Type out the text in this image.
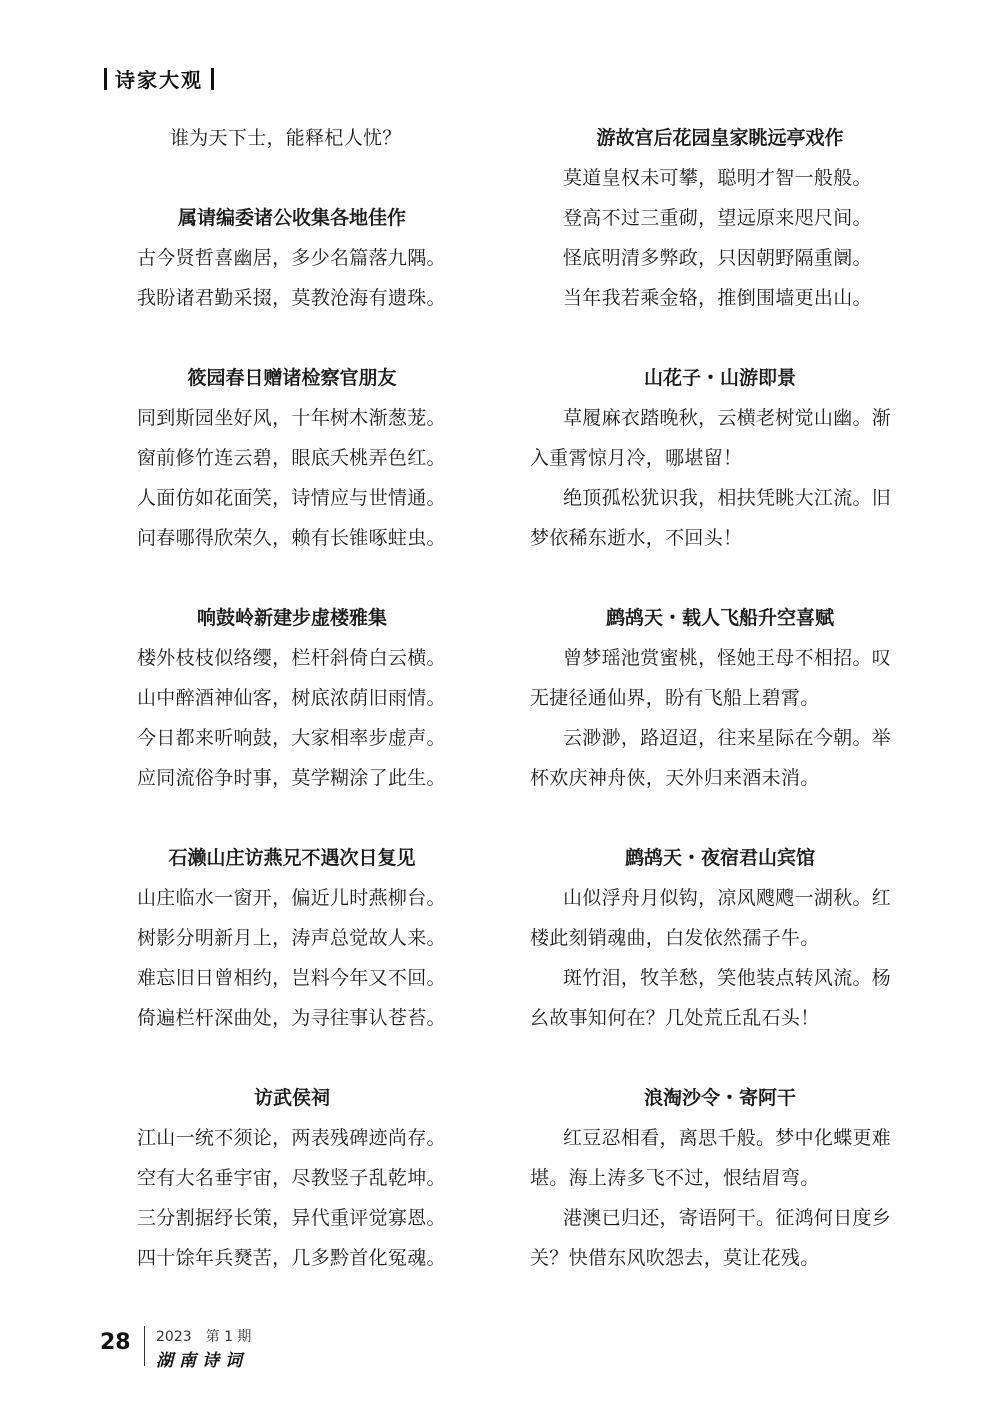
诗家大观
谁为天下士，能释杞人忧？
属请编委诸公收集各地佳作
古今贤哲喜幽居，多少名篇落九隅。
我盼诸君勤采掇，莫教沧海有遗珠。
筱园春日赠诸检察官朋友
同到斯园坐好风，十年树木渐葱茏。
窗前修竹连云碧，眼底夭桃弄色红。
人面仿如花面笑，诗情应与世情通。
问春哪得欣荣久，赖有长锥啄蛀虫。
响鼓岭新建步虚楼雅集
楼外枝枝似络缨，栏杆斜倚白云横。
山中醉酒神仙客，树底浓荫旧雨情。
今日都来听响鼓，大家相率步虚声。
应同流俗争时事，莫学糊涂了此生。
石濑山庄访燕兄不遇次日复见
山庄临水一窗开，偏近儿时燕柳台。
树影分明新月上，涛声总觉故人来。
难忘旧日曾相约，岂料今年又不回。
倚遍栏杆深曲处，为寻往事认苍苔。
访武侯祠
江山一统不须论，两表残碑迹尚存。
空有大名垂宇宙，尽教竖子乱乾坤。
三分割据纾长策，异代重评觉寡恩。
四十馀年兵燹苦，几多黔首化冤魂。
游故宫后花园皇家眺远亭戏作
莫道皇权未可攀，聪明才智一般般。
登高不过三重砌，望远原来咫尺间。
怪底明清多弊政，只因朝野隔重阛。
当年我若乘金辂，推倒围墙更出山。
山花子・山游即景
草履麻衣踏晚秋，云横老树觉山幽。渐
入重霄惊月冷，哪堪留！
绝顶孤松犹识我，相扶凭眺大江流。旧
梦依稀东逝水，不回头！
鹧鸪天・载人飞船升空喜赋
曾梦瑶池赏蜜桃，怪她王母不相招。叹
无捷径通仙界，盼有飞船上碧霄。
云渺渺，路迢迢，往来星际在今朝。举
杯欢庆神舟俠，天外归来酒未消。
鹧鸪天・夜宿君山宾馆
山似浮舟月似钩，凉风飕飕一湖秋。红
楼此刻销魂曲，白发依然孺子牛。
斑竹泪，牧羊愁，笑他装点转风流。杨
幺故事知何在？几处荒丘乱石头！
浪淘沙令・寄阿干
红豆忍相看，离思千般。梦中化蝶更难
堪。海上涛多飞不过，恨结眉弯。
港澳已归还，寄语阿干。征鸿何日度乡
关？快借东风吹怨去，莫让花残。
28 2023　第 1 期
湖南诗词
